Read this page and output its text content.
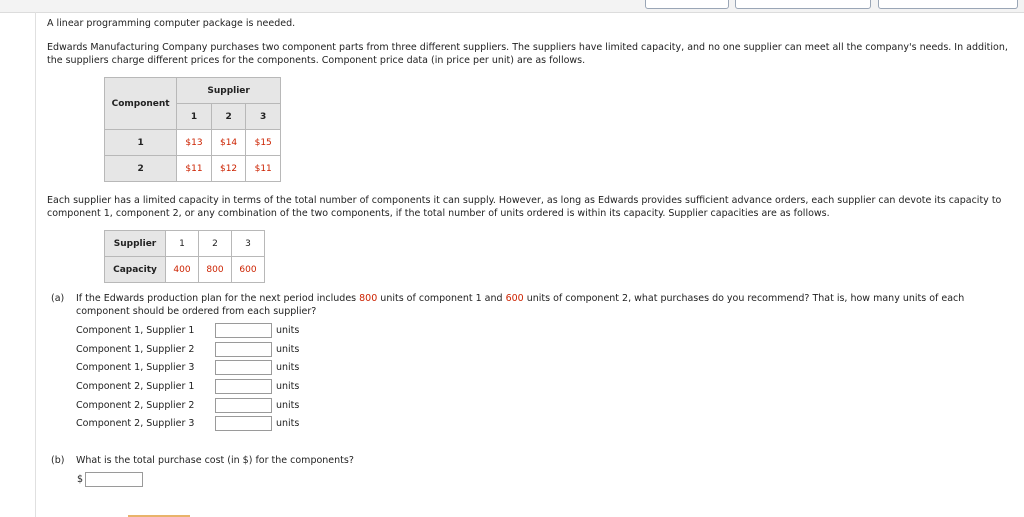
A linear programming computer package is needed.
Edwards Manufacturing Company purchases two component parts from three different suppliers. The suppliers have limited capacity, and no one supplier can meet all the company's needs. In addition,
the suppliers charge different prices for the components. Component price data (in price per unit) are as follows.
Component	Supplier		
	1	2	3
1	$13	$14	$15
2	$11	$12	$11
Each supplier has a limited capacity in terms of the total number of components it can supply. However, as long as Edwards provides sufficient advance orders, each supplier can devote its capacity to
component 1, component 2, or any combination of the two components, if the total number of units ordered is within its capacity. Supplier capacities are as follows.
Supplier	1	2	3
Capacity	400	800	600
(a) If the Edwards production plan for the next period includes 800 units of component 1 and 600 units of component 2, what purchases do you recommend? That is, how many units of each
component should be ordered from each supplier?
Component 1, Supplier 1	units
Component 1, Supplier 2	units
Component 1, Supplier 3	units
Component 2, Supplier 1	units
Component 2, Supplier 2	units
Component 2, Supplier 3	units
(b) What is the total purchase cost (in $) for the components?
$
